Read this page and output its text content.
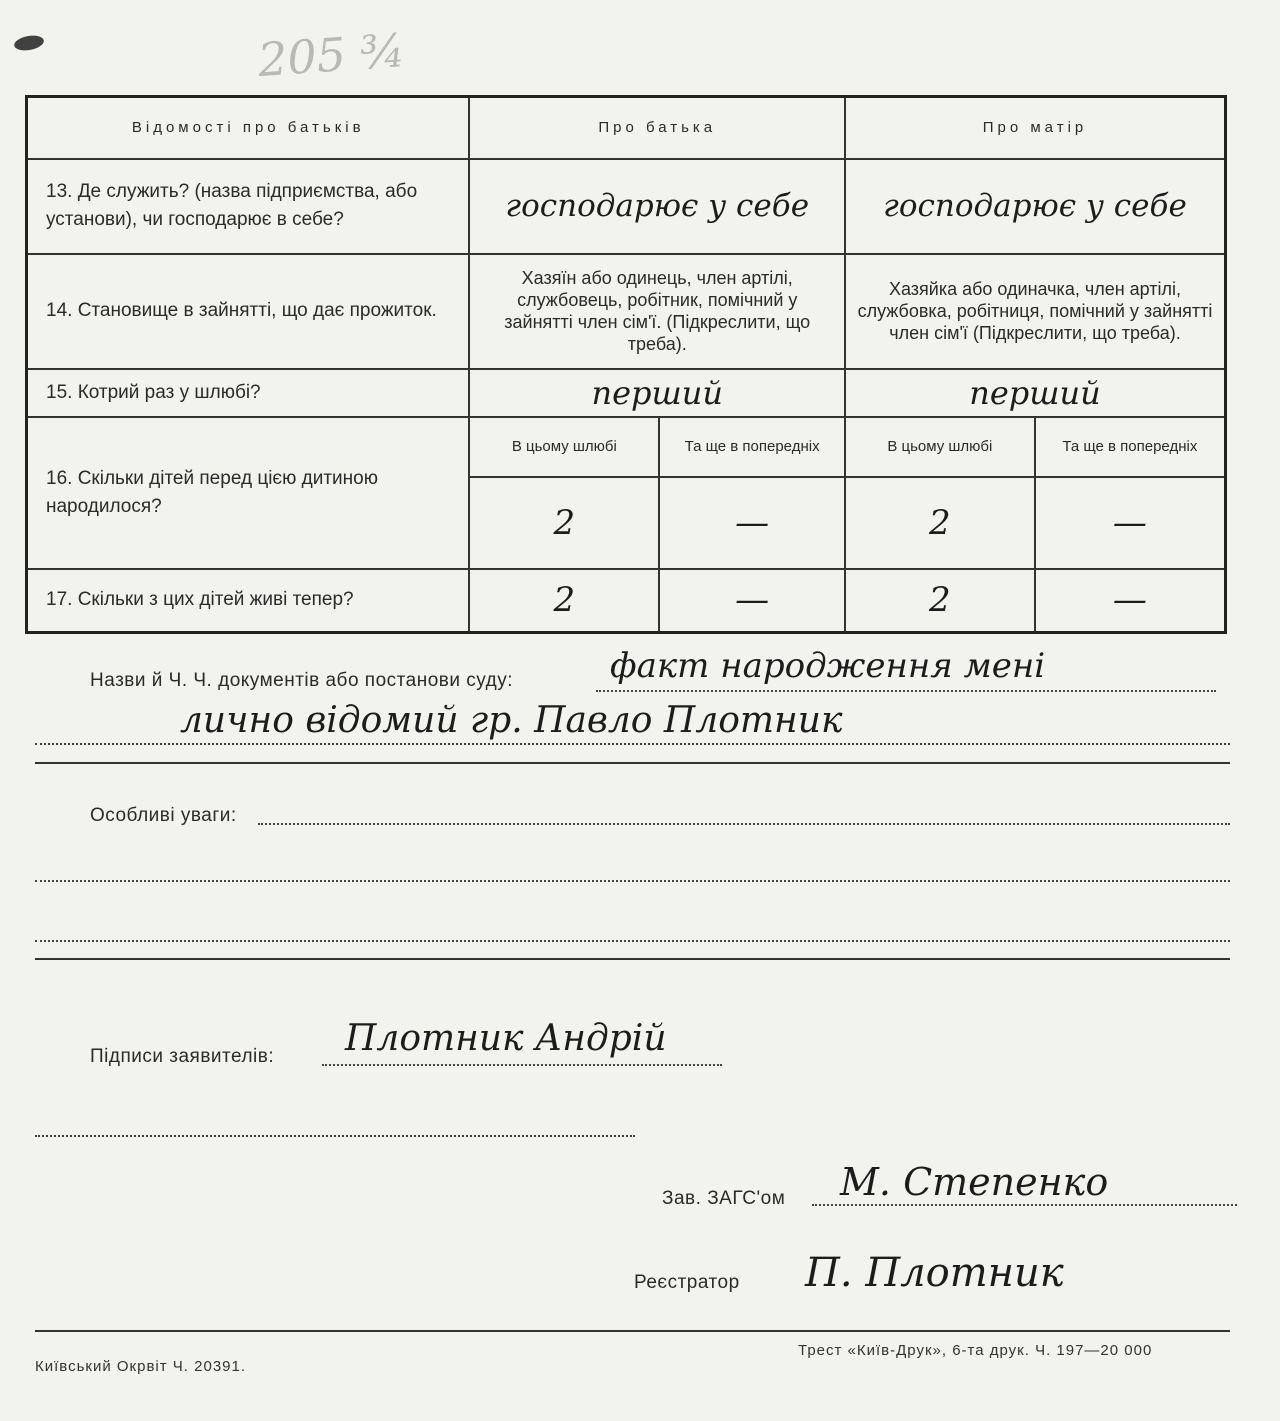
205 ¾
Відомості про батьків	Про батька		Про матір	
13. Де служить? (назва підприємства, або установи), чи господарює в себе?	господарює у себе		господарює у себе	
14. Становище в зайнятті, що дає прожиток.	Хазяїн або одинець, член артілі, службовець, робітник, помічний у зайнятті член сім'ї. (Підкреслити, що треба).		Хазяйка або одиначка, член артілі, службовка, робітниця, помічний у зайнятті член сім'ї (Підкреслити, що треба).	
15. Котрий раз у шлюбі?	перший		перший	
16. Скільки дітей перед цією дитиною народилося?	В цьому шлюбі	Та ще в попередніх	В цьому шлюбі	Та ще в попередніх
	2	—	2	—
17. Скільки з цих дітей живі тепер?	2	—	2	—
Назви й Ч. Ч. документів або постанови суду:	факт народження мені
лично відомий гр. Павло Плотник
Особливі уваги:
Підписи заявителів: Плотник Андрій
Зав. ЗАГС'ом М. Степенко
Реєстратор П. Плотник
Київський Окрвіт Ч. 20391.
Трест «Київ-Друк», 6-та друк. Ч. 197—20 000
